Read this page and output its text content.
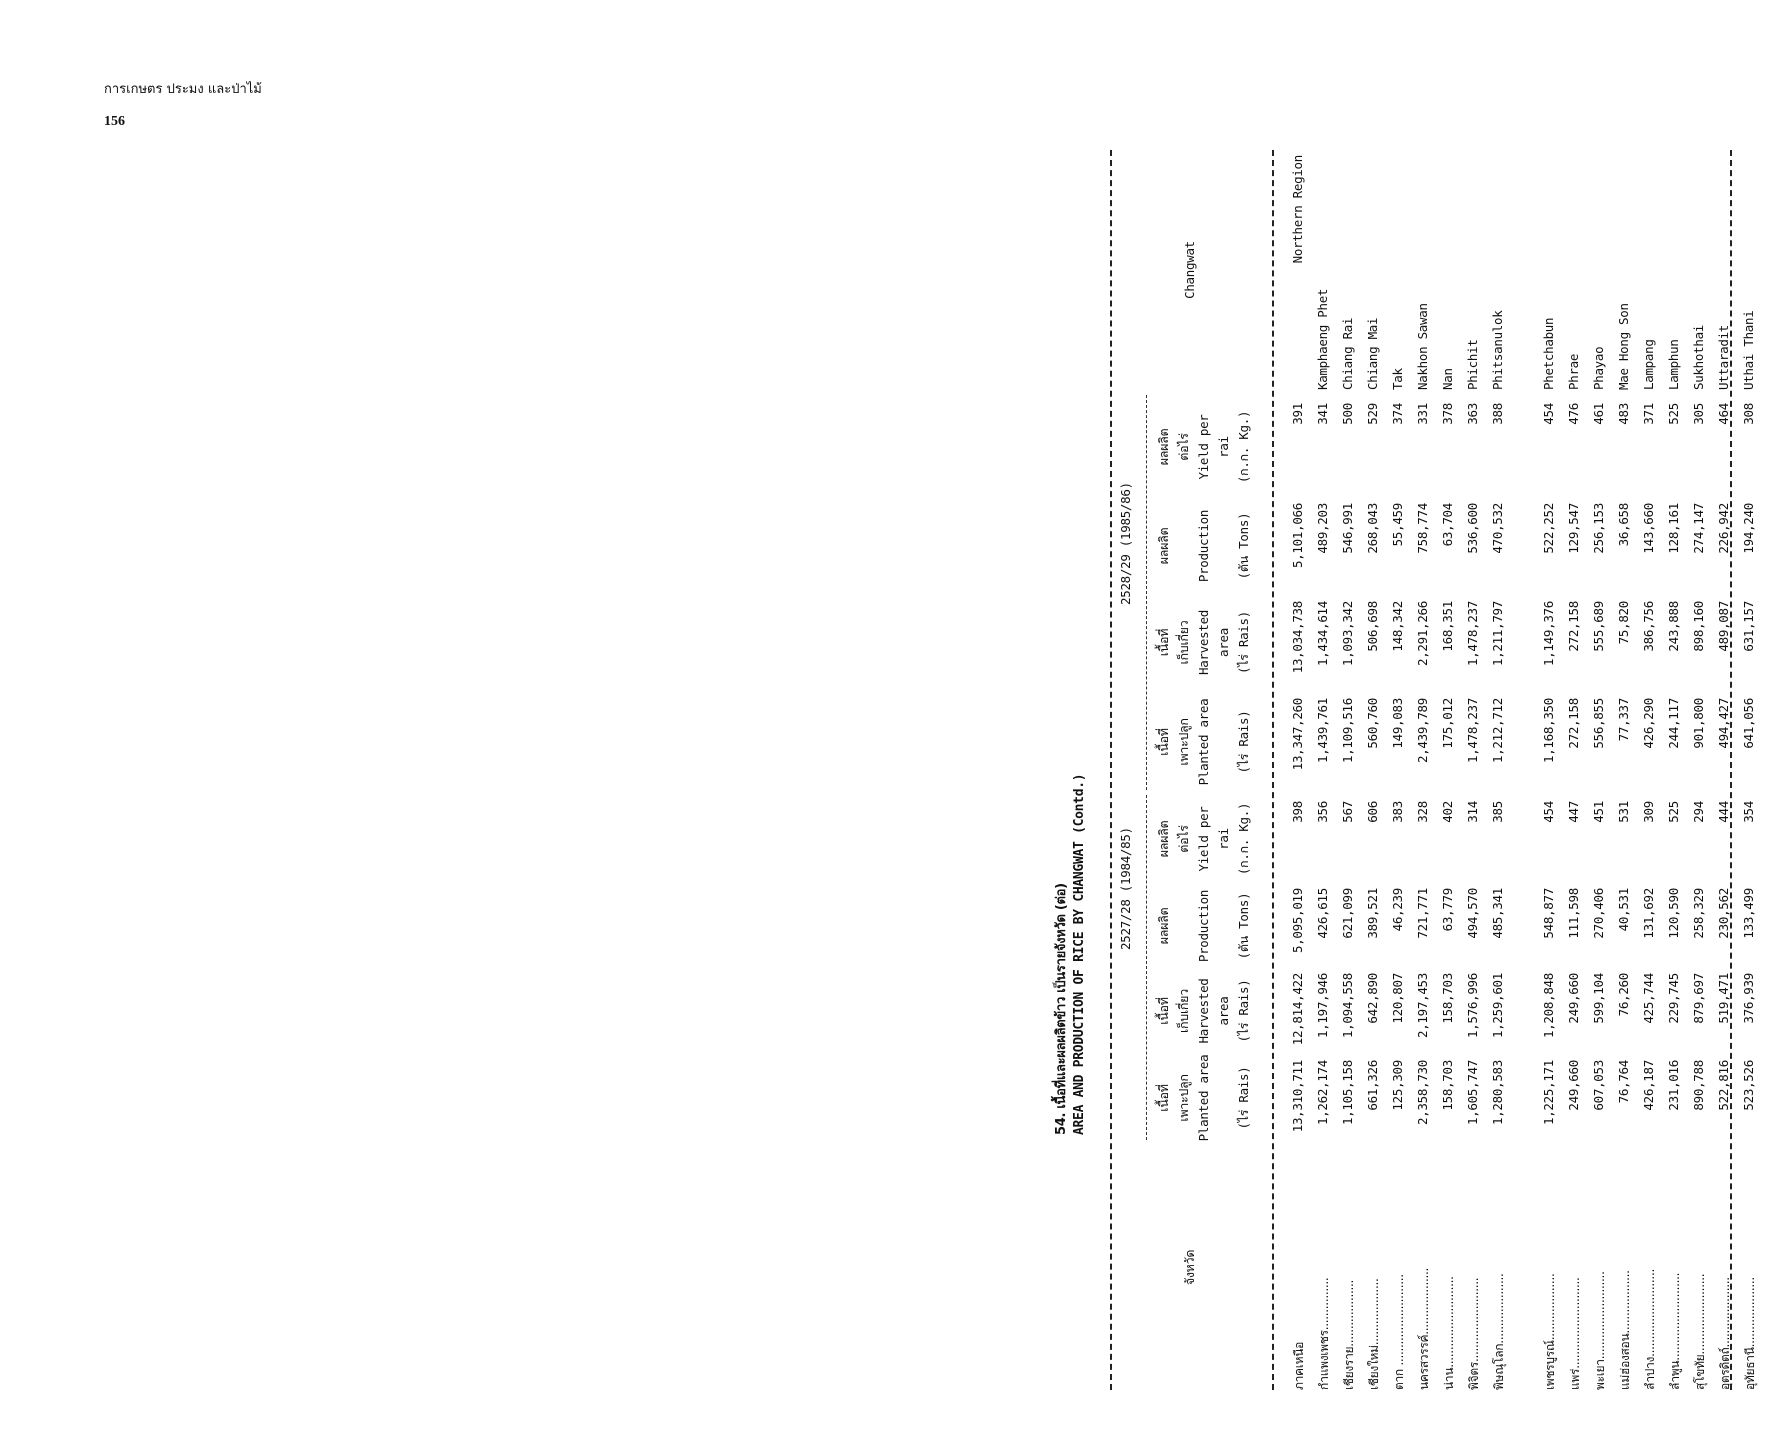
การเกษตร ประมง และป่าไม้
156
54. เนื้อที่และผลผลิตข้าว เป็นรายจังหวัด (ต่อ) AREA AND PRODUCTION OF RICE BY CHANGWAT (Contd.) 2527/28 (1984/85)
2528/29 (1985/86)
จังหวัด
Changwat
เนื้อที่ เพาะปลูก Planted area (ไร่ Rais)
เนื้อที่ เก็บเกี่ยว Harvested area (ไร่ Rais)
ผลผลิต Production (ตัน Tons)
ผลผลิต ต่อไร่ Yield per rai (ก.ก. Kg.)
เนื้อที่ เพาะปลูก Planted area (ไร่ Rais)
เนื้อที่ เก็บเกี่ยว Harvested area (ไร่ Rais)
ผลผลิต Production (ตัน Tons)
ผลผลิต ต่อไร่ Yield per rai (ก.ก. Kg.)
ภาคเหนือ
13,310,711
12,814,422
5,095,019
398
13,347,260
13,034,738
5,101,066
391
Northern Region
กำแพงเพชร...............
1,262,174
1,197,946
426,615
356
1,439,761
1,434,614
489,203
341
Kamphaeng Phet
เชียงราย...................
1,105,158
1,094,558
621,099
567
1,109,516
1,093,342
546,991
500
Chiang Rai
เชียงใหม่...................
661,326
642,890
389,521
606
560,760
506,698
268,043
529
Chiang Mai
ตาก ..........................
125,309
120,807
46,239
383
149,083
148,342
55,459
374
Tak
นครสวรรค์...................
2,358,730
2,197,453
721,771
328
2,439,789
2,291,266
758,774
331
Nakhon Sawan
น่าน..........................
158,703
158,703
63,779
402
175,012
168,351
63,704
378
Nan
พิจิตร........................
1,605,747
1,576,996
494,570
314
1,478,237
1,478,237
536,600
363
Phichit
พิษณุโลก....................
1,280,583
1,259,601
485,341
385
1,212,712
1,211,797
470,532
388
Phitsanulok
เพชรบูรณ์...................
1,225,171
1,208,848
548,877
454
1,168,350
1,149,376
522,252
454
Phetchabun
แพร่..........................
249,660
249,660
111,598
447
272,158
272,158
129,547
476
Phrae
พะเยา.........................
607,053
599,104
270,406
451
556,855
555,689
256,153
461
Phayao
แม่ฮ่องสอน..................
76,764
76,260
40,531
531
77,337
75,820
36,658
483
Mae Hong Son
ลำปาง.........................
426,187
425,744
131,692
309
426,290
386,756
143,660
371
Lampang
ลำพูน.........................
231,016
229,745
120,590
525
244,117
243,888
128,161
525
Lamphun
สุโขทัย.......................
890,788
879,697
258,329
294
901,800
898,160
274,147
305
Sukhothai
อุตรดิตถ์....................
522,816
519,471
230,562
444
494,427
489,087
226,942
464
Uttaradit
อุทัยธานี....................
523,526
376,939
133,499
354
641,056
631,157
194,240
308
Uthai Thani
